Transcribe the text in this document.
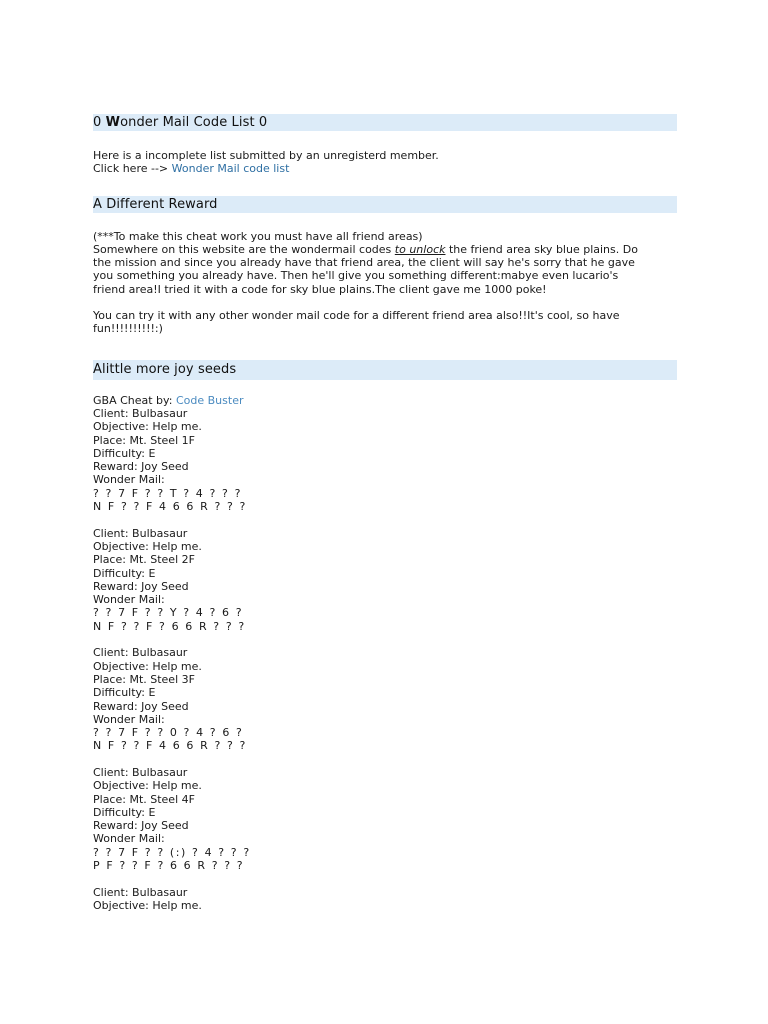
0 Wonder Mail Code List 0

Here is a incomplete list submitted by an unregisterd member.

Click here --> Wonder Mail code list

A Different Reward

(***To make this cheat work you must have all friend areas)

Somewhere on this website are the wondermail codes to unlock the friend area sky blue plains. Do

the mission and since you already have that friend area, the client will say he's sorry that he gave

you something you already have. Then he'll give you something different:mabye even lucario's

friend area!I tried it with a code for sky blue plains.The client gave me 1000 poke!

You can try it with any other wonder mail code for a different friend area also!!It's cool, so have

fun!!!!!!!!!!:)

Alittle more joy seeds

GBA Cheat by: Code Buster

Client: Bulbasaur

Objective: Help me.

Place: Mt. Steel 1F

Difficulty: E

Reward: Joy Seed

Wonder Mail:

? ? 7 F ? ? T ? 4 ? ? ?

N F ? ? F 4 6 6 R ? ? ?

Client: Bulbasaur

Objective: Help me.

Place: Mt. Steel 2F

Difficulty: E

Reward: Joy Seed

Wonder Mail:

? ? 7 F ? ? Y ? 4 ? 6 ?

N F ? ? F ? 6 6 R ? ? ?

Client: Bulbasaur

Objective: Help me.

Place: Mt. Steel 3F

Difficulty: E

Reward: Joy Seed

Wonder Mail:

? ? 7 F ? ? 0 ? 4 ? 6 ?

N F ? ? F 4 6 6 R ? ? ?

Client: Bulbasaur

Objective: Help me.

Place: Mt. Steel 4F

Difficulty: E

Reward: Joy Seed

Wonder Mail:

? ? 7 F ? ? (:) ? 4 ? ? ?

P F ? ? F ? 6 6 R ? ? ?

Client: Bulbasaur

Objective: Help me.
